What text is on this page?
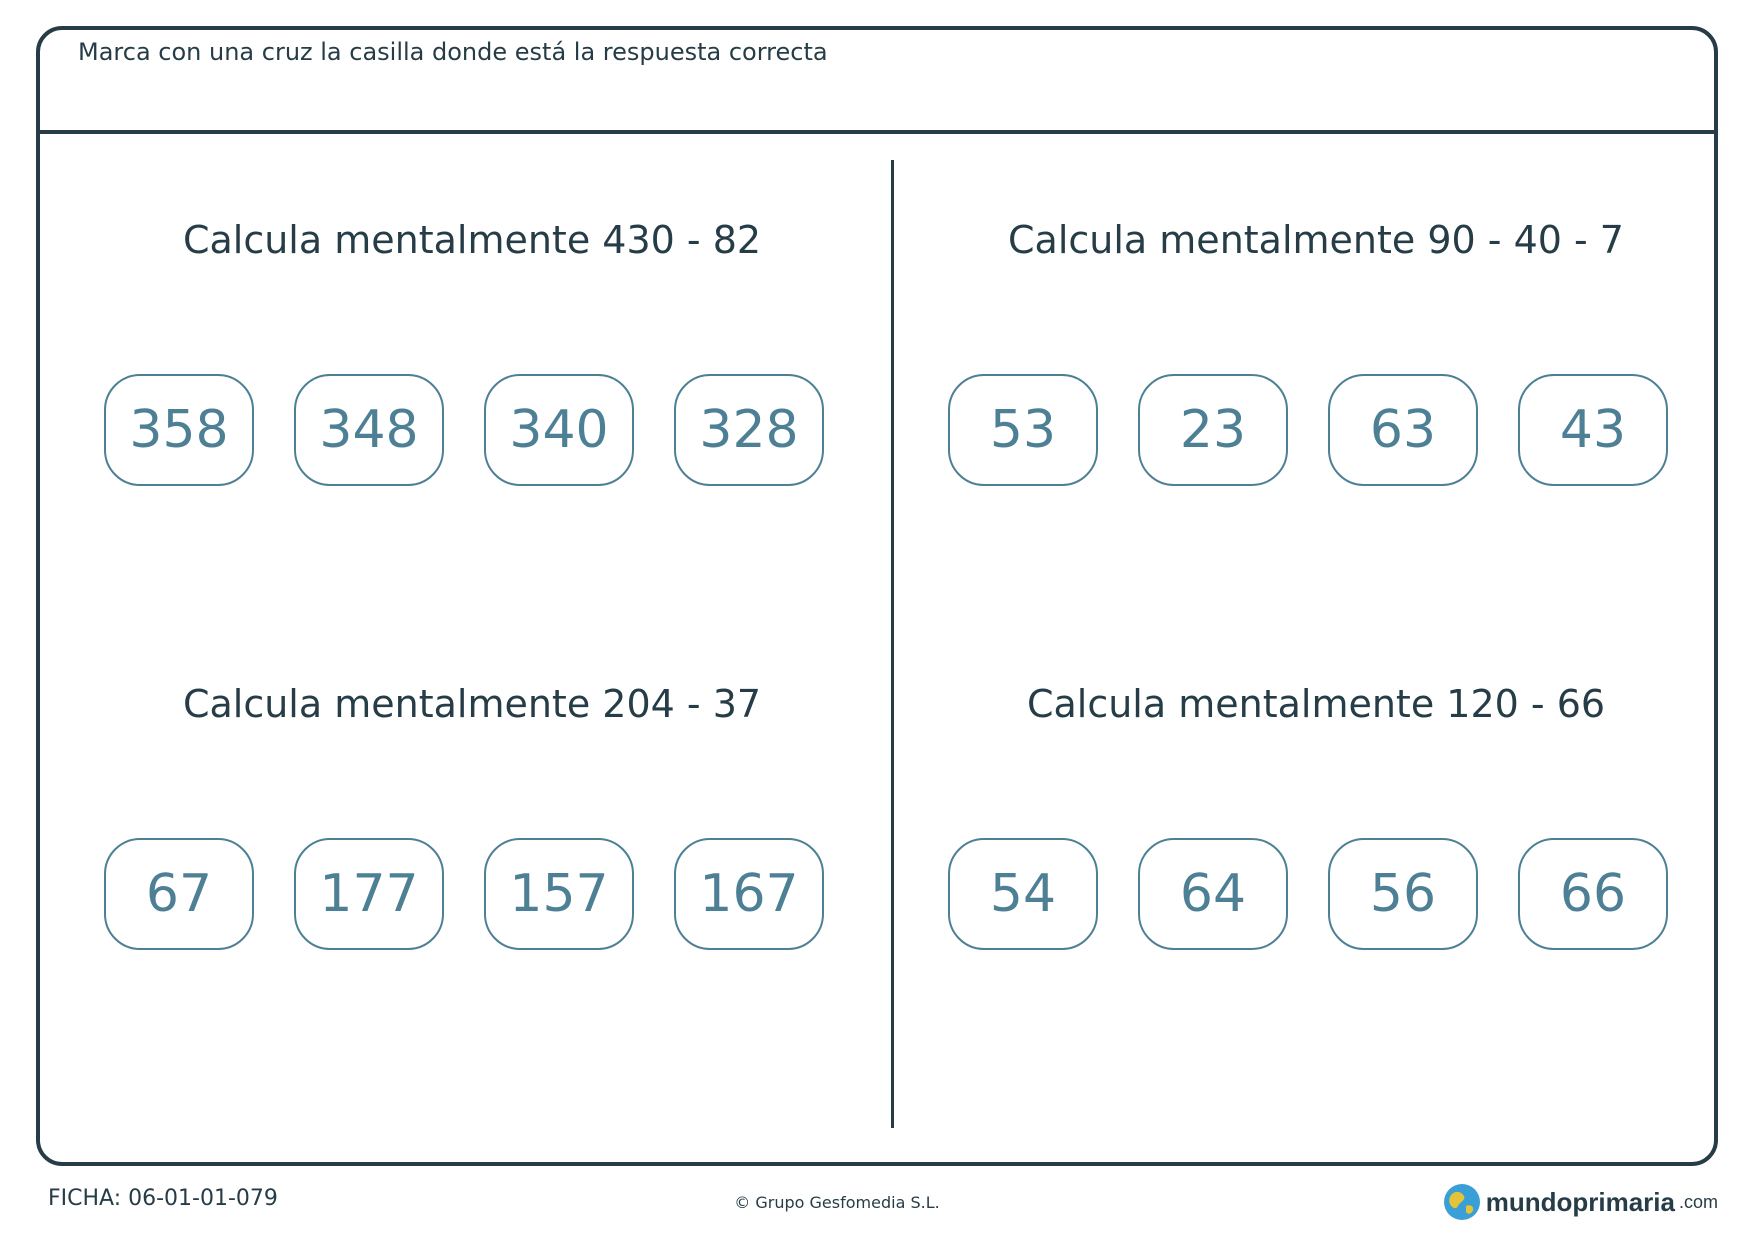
Marca con una cruz la casilla donde está la respuesta correcta
Calcula mentalmente 430 - 82
358	348	340	328
Calcula mentalmente 90 - 40 - 7
53	23	63	43
Calcula mentalmente 204 - 37
67	177	157	167
Calcula mentalmente 120 - 66
54	64	56	66
FICHA: 06-01-01-079	© Grupo Gesfomedia S.L.	mundoprimaria .com
